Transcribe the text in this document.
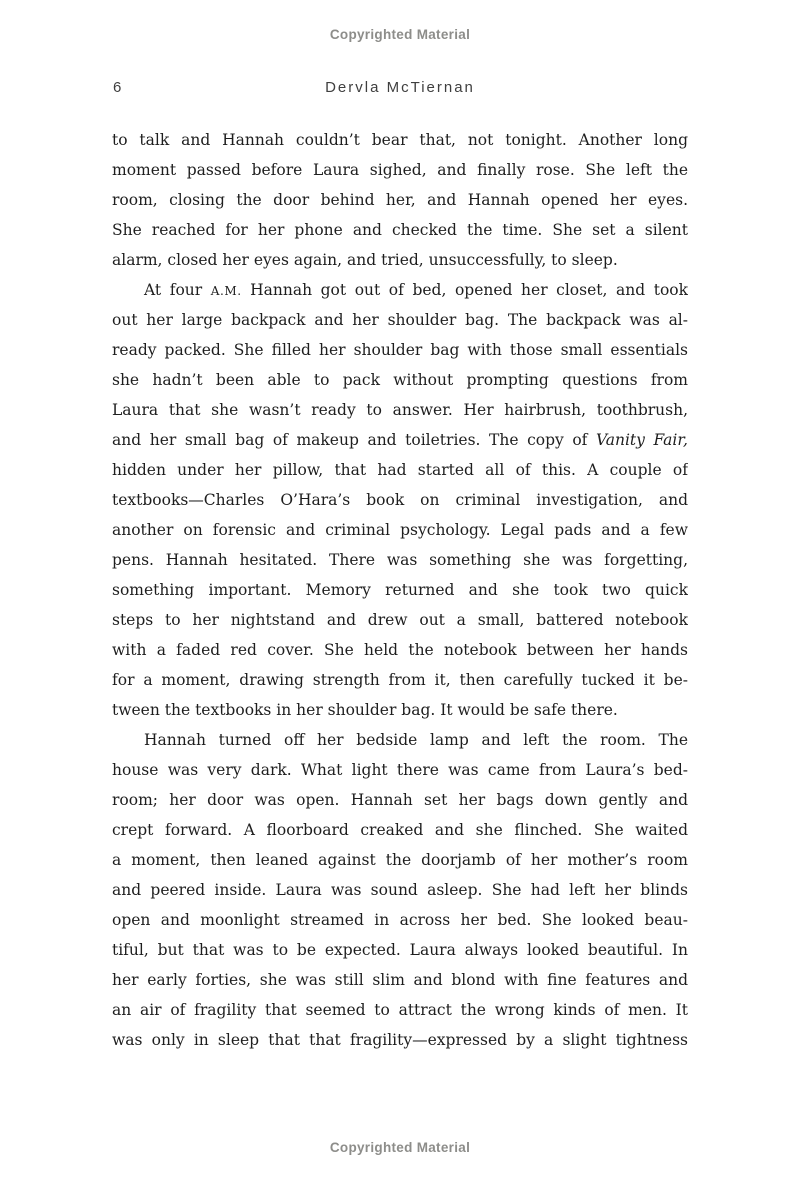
Copyrighted Material
6	Dervla McTiernan
to talk and Hannah couldn’t bear that, not tonight. Another long
moment passed before Laura sighed, and finally rose. She left the
room, closing the door behind her, and Hannah opened her eyes.
She reached for her phone and checked the time. She set a silent
alarm, closed her eyes again, and tried, unsuccessfully, to sleep.
At four A.M. Hannah got out of bed, opened her closet, and took
out her large backpack and her shoulder bag. The backpack was al-
ready packed. She filled her shoulder bag with those small essentials
she hadn’t been able to pack without prompting questions from
Laura that she wasn’t ready to answer. Her hairbrush, toothbrush,
and her small bag of makeup and toiletries. The copy of Vanity Fair,
hidden under her pillow, that had started all of this. A couple of
textbooks—Charles O’Hara’s book on criminal investigation, and
another on forensic and criminal psychology. Legal pads and a few
pens. Hannah hesitated. There was something she was forgetting,
something important. Memory returned and she took two quick
steps to her nightstand and drew out a small, battered notebook
with a faded red cover. She held the notebook between her hands
for a moment, drawing strength from it, then carefully tucked it be-
tween the textbooks in her shoulder bag. It would be safe there.
Hannah turned off her bedside lamp and left the room. The
house was very dark. What light there was came from Laura’s bed-
room; her door was open. Hannah set her bags down gently and
crept forward. A floorboard creaked and she flinched. She waited
a moment, then leaned against the doorjamb of her mother’s room
and peered inside. Laura was sound asleep. She had left her blinds
open and moonlight streamed in across her bed. She looked beau-
tiful, but that was to be expected. Laura always looked beautiful. In
her early forties, she was still slim and blond with fine features and
an air of fragility that seemed to attract the wrong kinds of men. It
was only in sleep that that fragility—expressed by a slight tightness
Copyrighted Material
